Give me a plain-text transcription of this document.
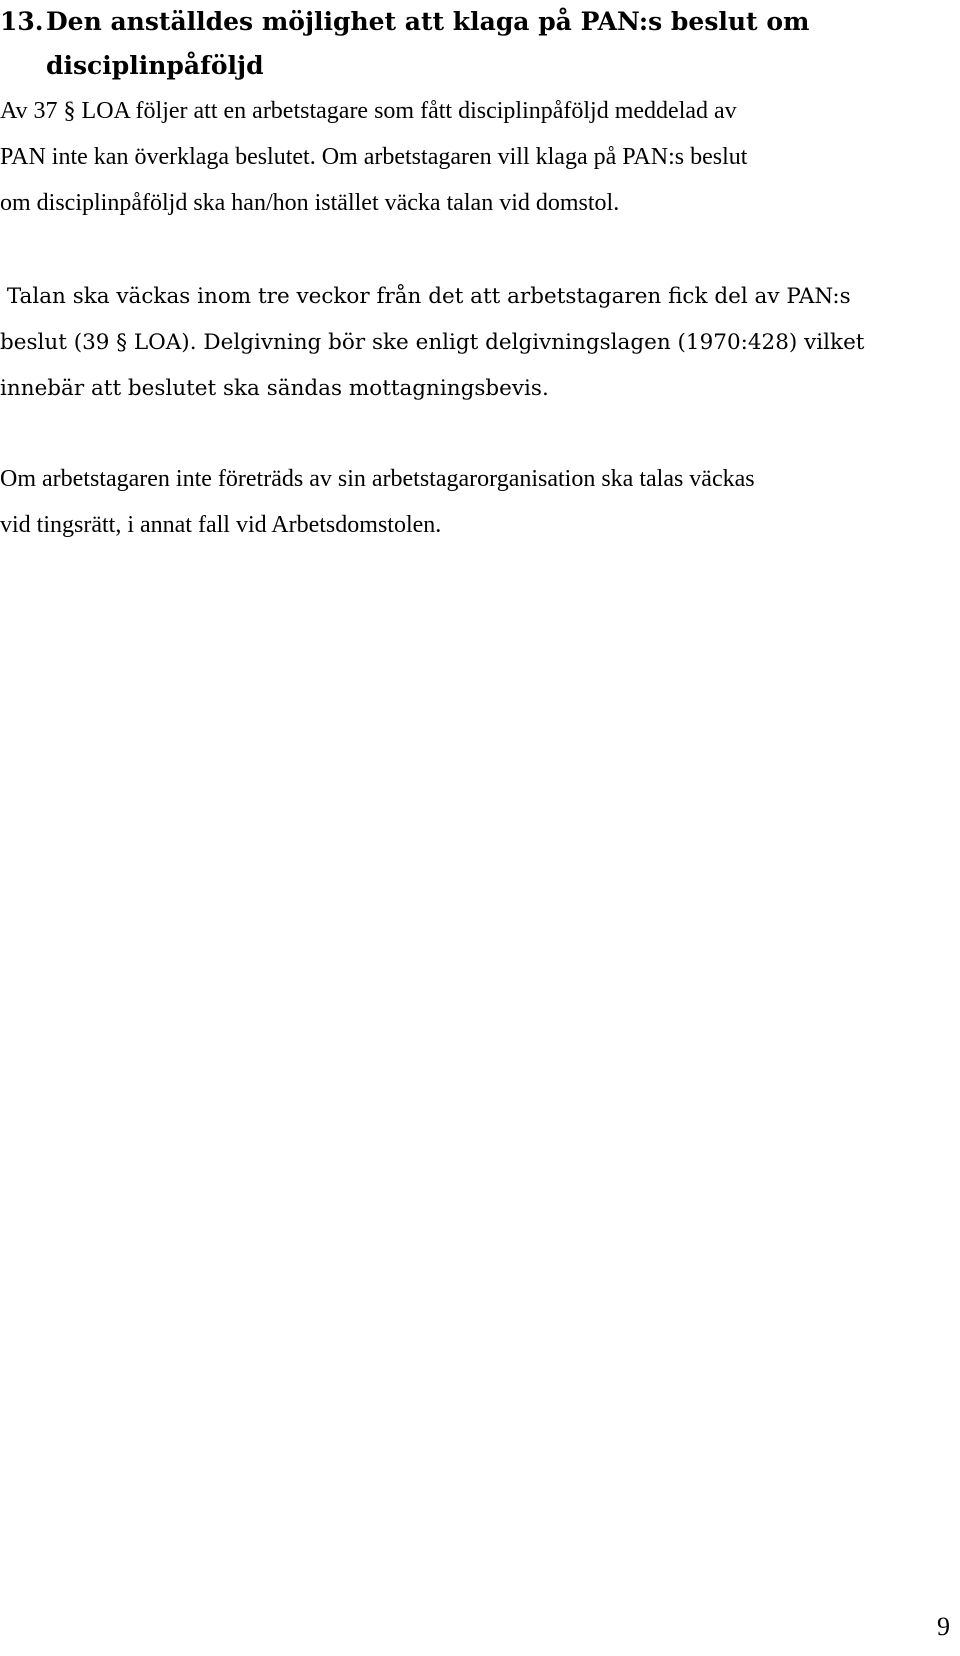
13. Den anställdes möjlighet att klaga på PAN:s beslut om
disciplinpåföljd

Av 37 § LOA följer att en arbetstagare som fått disciplinpåföljd meddelad av
PAN inte kan överklaga beslutet. Om arbetstagaren vill klaga på PAN:s beslut
om disciplinpåföljd ska han/hon istället väcka talan vid domstol.

Talan ska väckas inom tre veckor från det att arbetstagaren fick del av PAN:s
beslut (39 § LOA). Delgivning bör ske enligt delgivningslagen (1970:428) vilket
innebär att beslutet ska sändas mottagningsbevis.

Om arbetstagaren inte företräds av sin arbetstagarorganisation ska talas väckas
vid tingsrätt, i annat fall vid Arbetsdomstolen.

9
